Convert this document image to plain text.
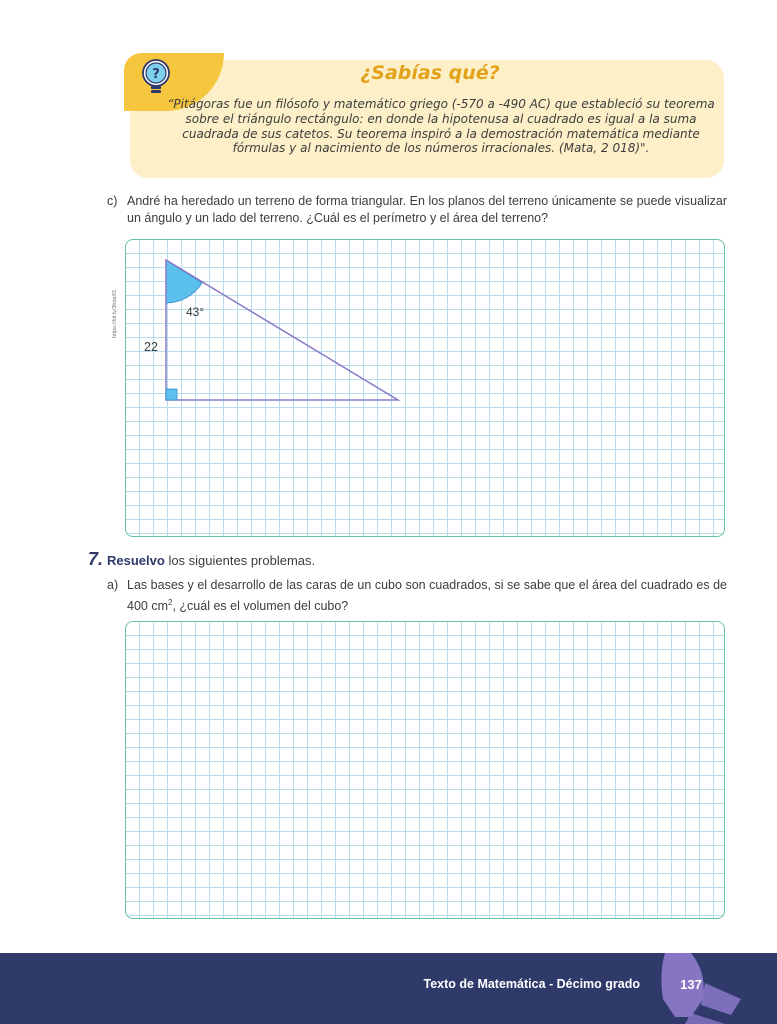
?	¿Sabías qué?
“Pitágoras fue un filósofo y matemático griego (-570 a -490 AC) que estableció su teorema sobre el triángulo rectángulo: en donde la hipotenusa al cuadrado es igual a la suma cuadrada de sus catetos. Su teorema inspiró a la demostración matemática mediante fórmulas y al nacimiento de los números irracionales. (Mata, 2 018)".
c) André ha heredado un terreno de forma triangular. En los planos del terreno únicamente se puede visualizar un ángulo y un lado del terreno. ¿Cuál es el perímetro y el área del terreno?
43°
22
https://bit.ly/3hdaX5
7. Resuelvo los siguientes problemas.
a) Las bases y el desarrollo de las caras de un cubo son cuadrados, si se sabe que el área del cuadrado es de 400 $cm^2$, ¿cuál es el volumen del cubo?
Texto de Matemática - Décimo grado	137
